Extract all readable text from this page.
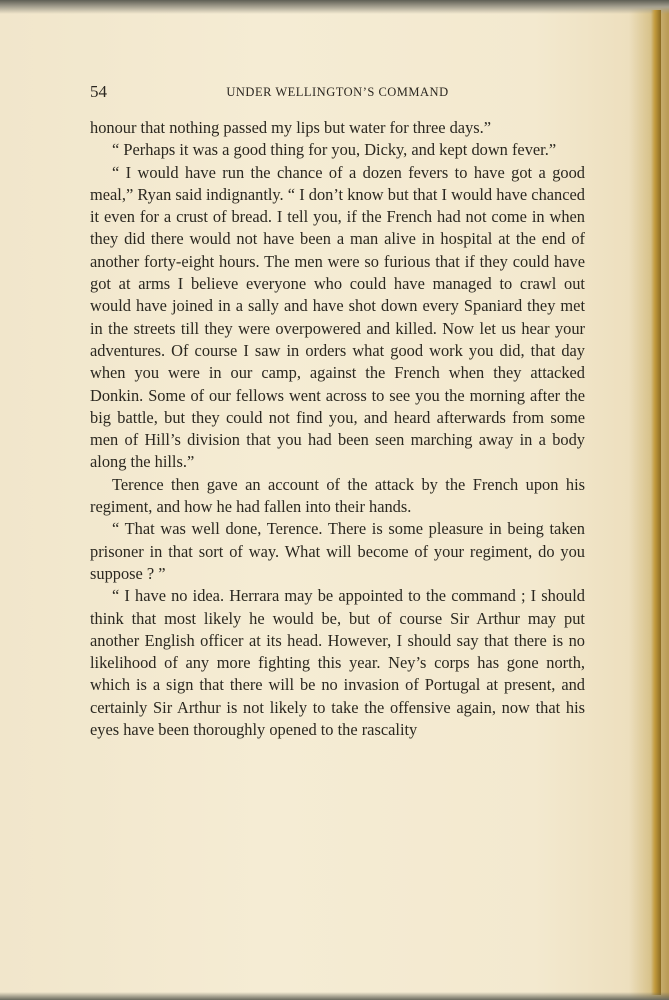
54	UNDER WELLINGTON’S COMMAND

honour that nothing passed my lips but water for three days.”

“ Perhaps it was a good thing for you, Dicky, and kept down fever.”

“ I would have run the chance of a dozen fevers to have got a good meal,” Ryan said indignantly. “ I don’t know but that I would have chanced it even for a crust of bread. I tell you, if the French had not come in when they did there would not have been a man alive in hospital at the end of another forty-eight hours. The men were so furious that if they could have got at arms I believe everyone who could have managed to crawl out would have joined in a sally and have shot down every Spaniard they met in the streets till they were overpowered and killed. Now let us hear your adventures. Of course I saw in orders what good work you did, that day when you were in our camp, against the French when they attacked Donkin. Some of our fellows went across to see you the morning after the big battle, but they could not find you, and heard afterwards from some men of Hill’s division that you had been seen marching away in a body along the hills.”

Terence then gave an account of the attack by the French upon his regiment, and how he had fallen into their hands.

“ That was well done, Terence. There is some pleasure in being taken prisoner in that sort of way. What will become of your regiment, do you suppose ? ”

“ I have no idea. Herrara may be appointed to the command ; I should think that most likely he would be, but of course Sir Arthur may put another English officer at its head. However, I should say that there is no likelihood of any more fighting this year. Ney’s corps has gone north, which is a sign that there will be no invasion of Portugal at present, and certainly Sir Arthur is not likely to take the offensive again, now that his eyes have been thoroughly opened to the rascality
